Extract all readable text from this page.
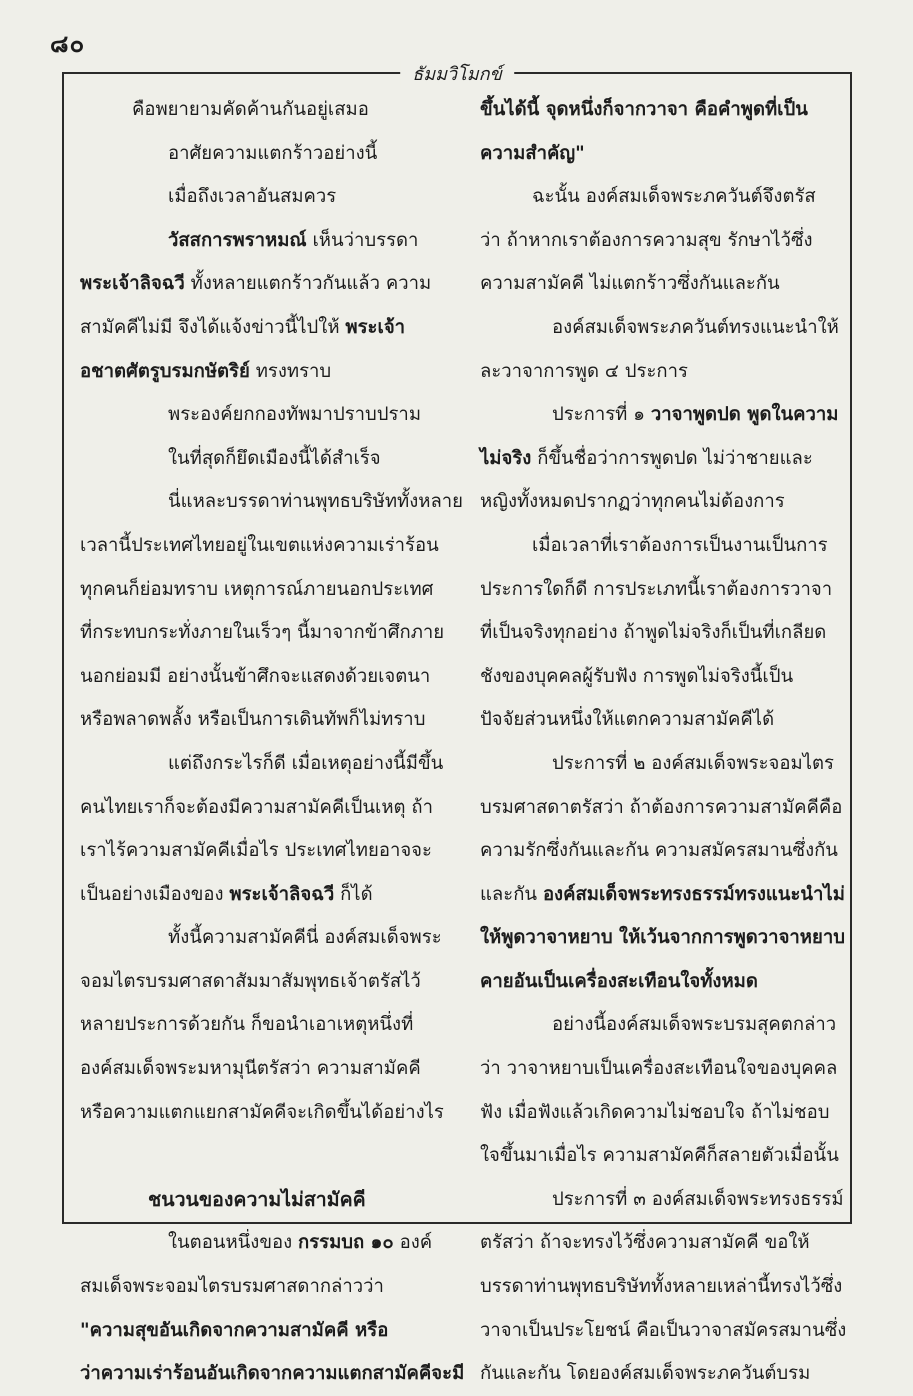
๘๐
ธัมมวิโมกข์
คือพยายามคัดค้านกันอยู่เสมอ
อาศัยความแตกร้าวอย่างนี้
เมื่อถึงเวลาอันสมควร
วัสสการพราหมณ์ เห็นว่าบรรดา
พระเจ้าลิจฉวี ทั้งหลายแตกร้าวกันแล้ว ความ
สามัคคีไม่มี จึงได้แจ้งข่าวนี้ไปให้ พระเจ้า
อชาตศัตรูบรมกษัตริย์ ทรงทราบ
พระองค์ยกกองทัพมาปราบปราม
ในที่สุดก็ยึดเมืองนี้ได้สำเร็จ
นี่แหละบรรดาท่านพุทธบริษัททั้งหลาย
เวลานี้ประเทศไทยอยู่ในเขตแห่งความเร่าร้อน
ทุกคนก็ย่อมทราบ เหตุการณ์ภายนอกประเทศ
ที่กระทบกระทั่งภายในเร็วๆ นี้มาจากข้าศึกภาย
นอกย่อมมี อย่างนั้นข้าศึกจะแสดงด้วยเจตนา
หรือพลาดพลั้ง หรือเป็นการเดินทัพก็ไม่ทราบ
แต่ถึงกระไรก็ดี เมื่อเหตุอย่างนี้มีขึ้น
คนไทยเราก็จะต้องมีความสามัคคีเป็นเหตุ ถ้า
เราไร้ความสามัคคีเมื่อไร ประเทศไทยอาจจะ
เป็นอย่างเมืองของ พระเจ้าลิจฉวี ก็ได้
ทั้งนี้ความสามัคคีนี่ องค์สมเด็จพระ
จอมไตรบรมศาสดาสัมมาสัมพุทธเจ้าตรัสไว้
หลายประการด้วยกัน ก็ขอนำเอาเหตุหนึ่งที่
องค์สมเด็จพระมหามุนีตรัสว่า ความสามัคคี
หรือความแตกแยกสามัคคีจะเกิดขึ้นได้อย่างไร
ชนวนของความไม่สามัคคี
ในตอนหนึ่งของ กรรมบถ ๑๐ องค์
สมเด็จพระจอมไตรบรมศาสดากล่าวว่า
"ความสุขอันเกิดจากความสามัคคี หรือ
ว่าความเร่าร้อนอันเกิดจากความแตกสามัคคีจะมี
ขึ้นได้นี้ จุดหนึ่งก็จากวาจา คือคำพูดที่เป็น
ความสำคัญ"
ฉะนั้น องค์สมเด็จพระภควันต์จึงตรัส
ว่า ถ้าหากเราต้องการความสุข รักษาไว้ซึ่ง
ความสามัคคี ไม่แตกร้าวซึ่งกันและกัน
องค์สมเด็จพระภควันต์ทรงแนะนำให้
ละวาจาการพูด ๔ ประการ
ประการที่ ๑ วาจาพูดปด พูดในความ
ไม่จริง ก็ขึ้นชื่อว่าการพูดปด ไม่ว่าชายและ
หญิงทั้งหมดปรากฏว่าทุกคนไม่ต้องการ
เมื่อเวลาที่เราต้องการเป็นงานเป็นการ
ประการใดก็ดี การประเภทนี้เราต้องการวาจา
ที่เป็นจริงทุกอย่าง ถ้าพูดไม่จริงก็เป็นที่เกลียด
ชังของบุคคลผู้รับฟัง การพูดไม่จริงนี้เป็น
ปัจจัยส่วนหนึ่งให้แตกความสามัคคีได้
ประการที่ ๒ องค์สมเด็จพระจอมไตร
บรมศาสดาตรัสว่า ถ้าต้องการความสามัคคีคือ
ความรักซึ่งกันและกัน ความสมัครสมานซึ่งกัน
และกัน องค์สมเด็จพระทรงธรรม์ทรงแนะนำไม่
ให้พูดวาจาหยาบ ให้เว้นจากการพูดวาจาหยาบ
คายอันเป็นเครื่องสะเทือนใจทั้งหมด
อย่างนี้องค์สมเด็จพระบรมสุคตกล่าว
ว่า วาจาหยาบเป็นเครื่องสะเทือนใจของบุคคล
ฟัง เมื่อฟังแล้วเกิดความไม่ชอบใจ ถ้าไม่ชอบ
ใจขึ้นมาเมื่อไร ความสามัคคีก็สลายตัวเมื่อนั้น
ประการที่ ๓ องค์สมเด็จพระทรงธรรม์
ตรัสว่า ถ้าจะทรงไว้ซึ่งความสามัคคี ขอให้
บรรดาท่านพุทธบริษัททั้งหลายเหล่านี้ทรงไว้ซึ่ง
วาจาเป็นประโยชน์ คือเป็นวาจาสมัครสมานซึ่ง
กันและกัน โดยองค์สมเด็จพระภควันต์บรม
